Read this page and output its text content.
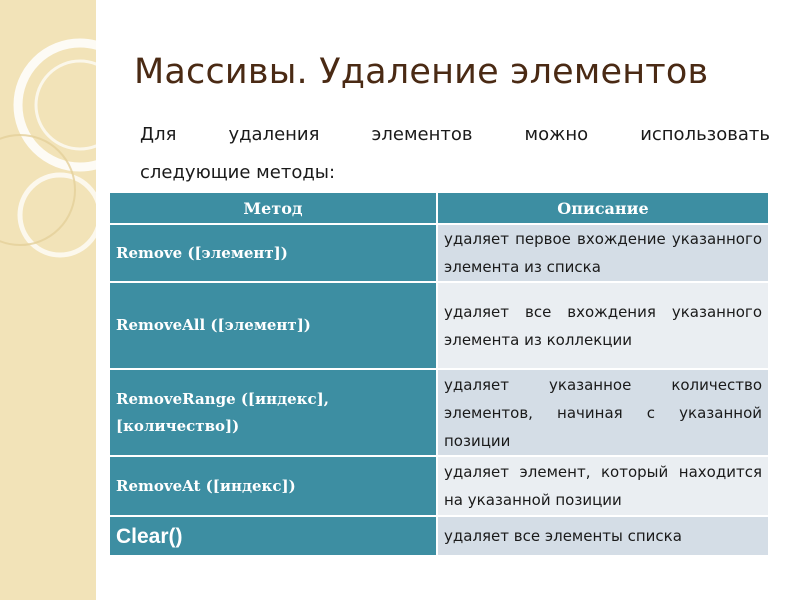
Массивы. Удаление элементов
Для удаления элементов можно использовать
следующие методы:
Метод	Описание
Remove ([элемент])	удаляет первое вхождение указанного элемента из списка
RemoveAll ([элемент])	удаляет все вхождения указанного элемента из коллекции
RemoveRange ([индекс], [количество])	удаляет указанное количество элементов, начиная с указанной позиции
RemoveAt ([индекс])	удаляет элемент, который находится на указанной позиции
Clear()	удаляет все элементы списка
